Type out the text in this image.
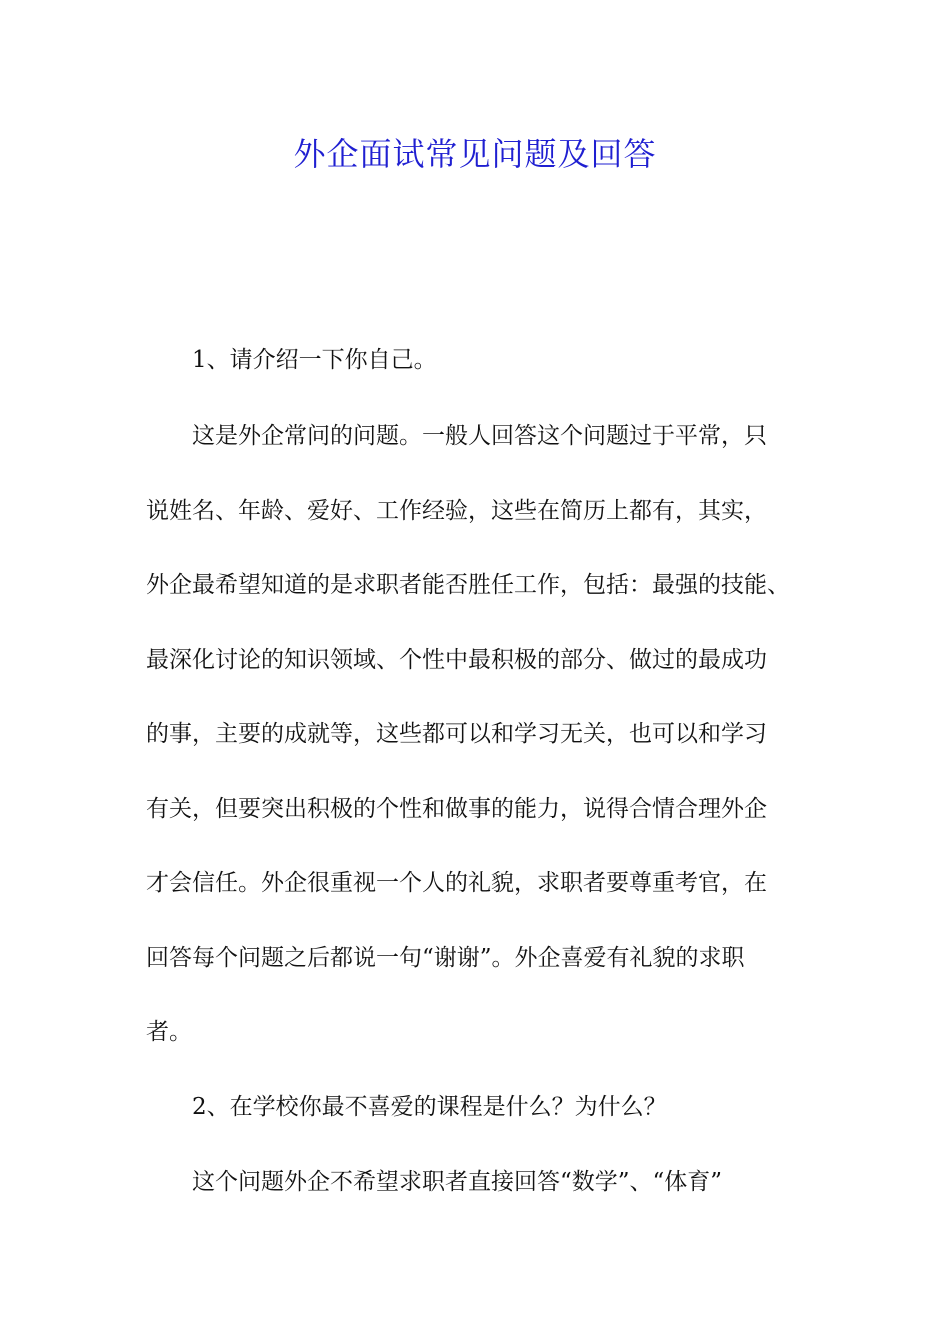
外企面试常见问题及回答
1、请介绍一下你自己。
这是外企常问的问题。一般人回答这个问题过于平常，只
说姓名、年龄、爱好、工作经验，这些在简历上都有，其实，
外企最希望知道的是求职者能否胜任工作，包括：最强的技能、
最深化讨论的知识领域、个性中最积极的部分、做过的最成功
的事，主要的成就等，这些都可以和学习无关，也可以和学习
有关，但要突出积极的个性和做事的能力，说得合情合理外企
才会信任。外企很重视一个人的礼貌，求职者要尊重考官，在
回答每个问题之后都说一句“谢谢”。外企喜爱有礼貌的求职
者。
2、在学校你最不喜爱的课程是什么？为什么？
这个问题外企不希望求职者直接回答“数学”、“体育”
